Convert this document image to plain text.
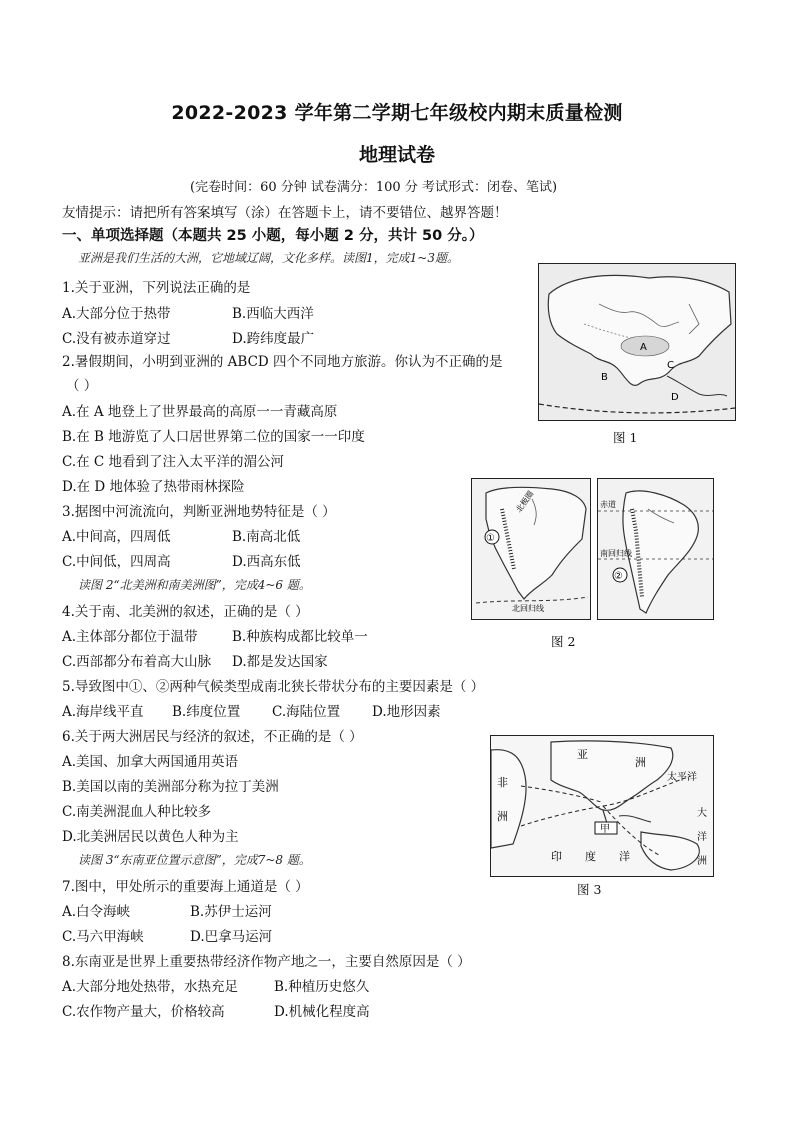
2022-2023 学年第二学期七年级校内期末质量检测
地理试卷
(完卷时间：60 分钟 试卷满分：100 分 考试形式：闭卷、笔试)
友情提示：请把所有答案填写（涂）在答题卡上，请不要错位、越界答题！
一、单项选择题（本题共 25 小题，每小题 2 分，共计 50 分。）
亚洲是我们生活的大洲，它地域辽阔，文化多样。读图1，完成1~3题。
1.关于亚洲，下列说法正确的是
A.大部分位于热带	B.西临大西洋
C.没有被赤道穿过	D.跨纬度最广
2.暑假期间，小明到亚洲的 ABCD 四个不同地方旅游。你认为不正确的是
（ ）
A.在 A 地登上了世界最高的高原一一青藏高原
B.在 B 地游览了人口居世界第二位的国家一一印度
C.在 C 地看到了注入太平洋的湄公河
D.在 D 地体验了热带雨林探险
3.据图中河流流向，判断亚洲地势特征是（ ）
A.中间高，四周低	B.南高北低
C.中间低，四周高	D.西高东低
读图 2“北美洲和南美洲图”，完成4~6 题。
4.关于南、北美洲的叙述，正确的是（ ）
A.主体部分都位于温带	B.种族构成都比较单一
C.西部都分布着高大山脉 D.都是发达国家
5.导致图中①、②两种气候类型成南北狭长带状分布的主要因素是（ ）
A.海岸线平直 B.纬度位置 C.海陆位置 D.地形因素
6.关于两大洲居民与经济的叙述，不正确的是（ ）
A.美国、加拿大两国通用英语
B.美国以南的美洲部分称为拉丁美洲
C.南美洲混血人种比较多
D.北美洲居民以黄色人种为主
读图 3“东南亚位置示意图”，完成7~8 题。
7.图中，甲处所示的重要海上通道是（ ）
A.白令海峡	B.苏伊士运河
C.马六甲海峡	D.巴拿马运河
8.东南亚是世界上重要热带经济作物产地之一，主要自然原因是（ ）
A.大部分地处热带，水热充足	B.种植历史悠久
C.农作物产量大，价格较高	D.机械化程度高
A
B
C
D
图 1
①
北极圈
北回归线
赤道
南回归线
②
图 2
甲
亚
洲
非
洲
印 度 洋
太平洋
大
洋
洲
图 3
